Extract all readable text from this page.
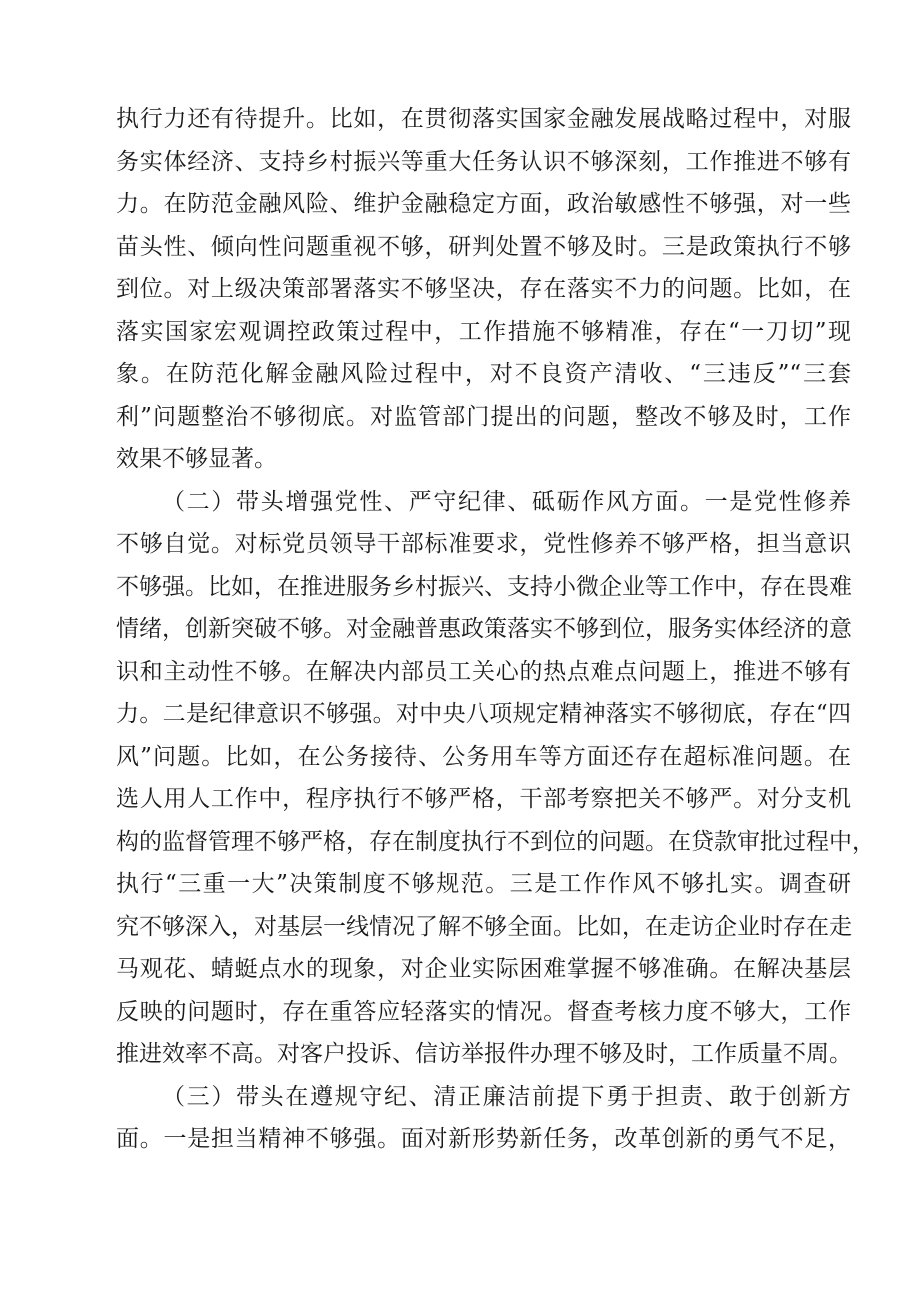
执行力还有待提升。比如，在贯彻落实国家金融发展战略过程中，对服
务实体经济、支持乡村振兴等重大任务认识不够深刻，工作推进不够有
力。在防范金融风险、维护金融稳定方面，政治敏感性不够强，对一些
苗头性、倾向性问题重视不够，研判处置不够及时。三是政策执行不够
到位。对上级决策部署落实不够坚决，存在落实不力的问题。比如，在
落实国家宏观调控政策过程中，工作措施不够精准，存在“一刀切”现
象。在防范化解金融风险过程中，对不良资产清收、“三违反”“三套
利”问题整治不够彻底。对监管部门提出的问题，整改不够及时，工作
效果不够显著。
（二）带头增强党性、严守纪律、砥砺作风方面。一是党性修养
不够自觉。对标党员领导干部标准要求，党性修养不够严格，担当意识
不够强。比如，在推进服务乡村振兴、支持小微企业等工作中，存在畏难
情绪，创新突破不够。对金融普惠政策落实不够到位，服务实体经济的意
识和主动性不够。在解决内部员工关心的热点难点问题上，推进不够有
力。二是纪律意识不够强。对中央八项规定精神落实不够彻底，存在“四
风”问题。比如，在公务接待、公务用车等方面还存在超标准问题。在
选人用人工作中，程序执行不够严格，干部考察把关不够严。对分支机
构的监督管理不够严格，存在制度执行不到位的问题。在贷款审批过程中，
执行“三重一大”决策制度不够规范。三是工作作风不够扎实。调查研
究不够深入，对基层一线情况了解不够全面。比如，在走访企业时存在走
马观花、蜻蜓点水的现象，对企业实际困难掌握不够准确。在解决基层
反映的问题时，存在重答应轻落实的情况。督查考核力度不够大，工作
推进效率不高。对客户投诉、信访举报件办理不够及时，工作质量不周。
（三）带头在遵规守纪、清正廉洁前提下勇于担责、敢于创新方
面。一是担当精神不够强。面对新形势新任务，改革创新的勇气不足，
